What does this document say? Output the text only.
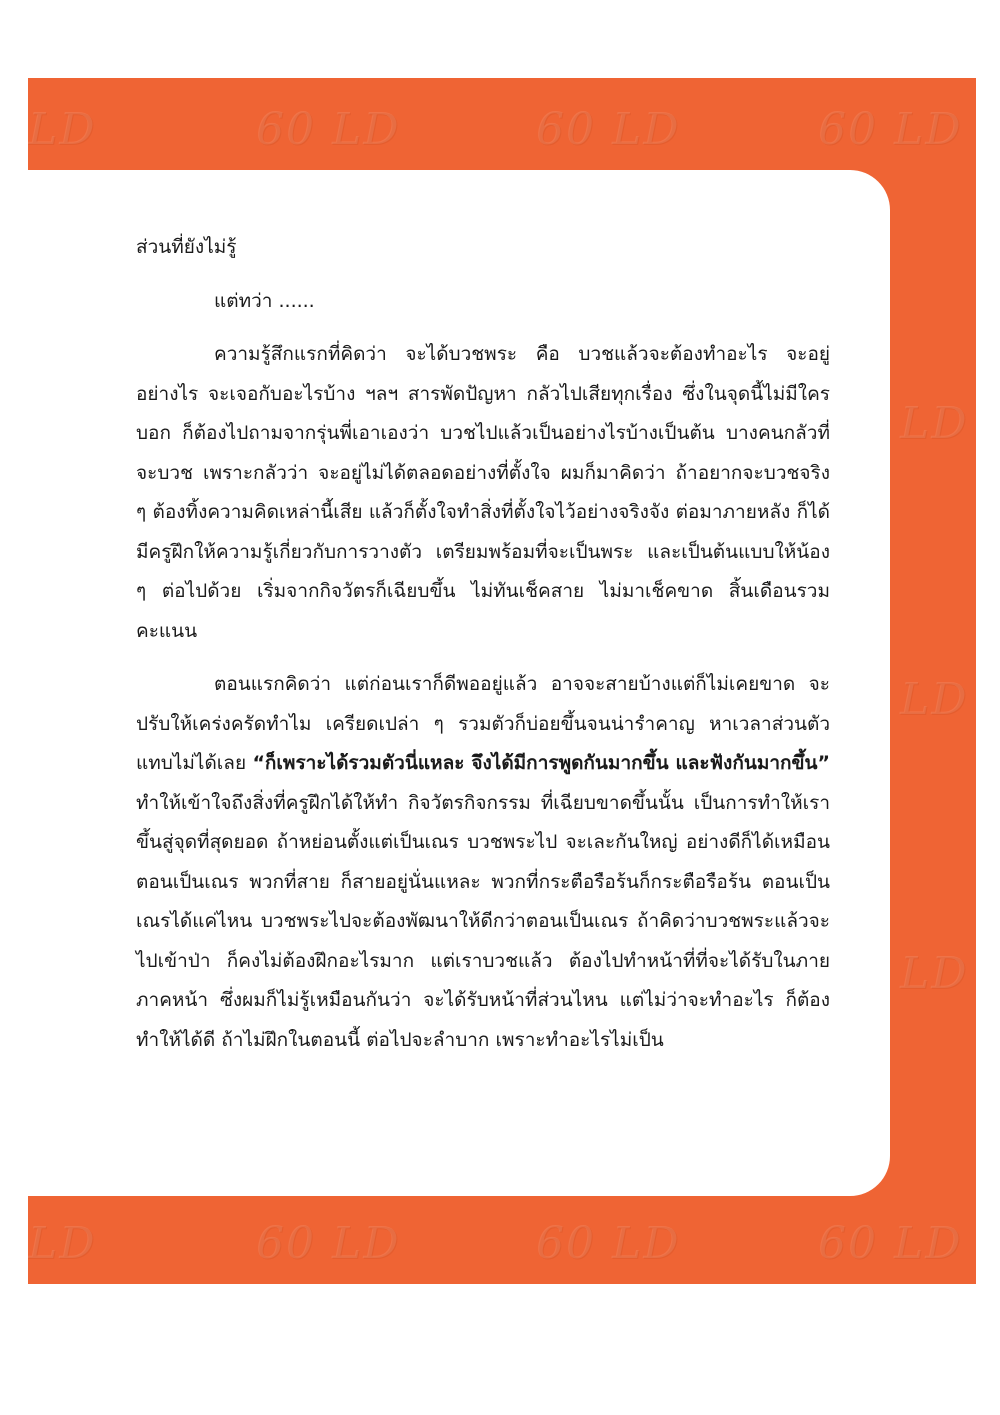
LD	60 LD	60 LD	60 LD
LD
LD
LD
LD	60 LD	60 LD	60 LD

ส่วนที่ยังไม่รู้

แต่ทว่า ......

ความรู้สึกแรกที่คิดว่า จะได้บวชพระ คือ บวชแล้วจะต้องทำอะไร จะอยู่อย่างไร จะเจอกับอะไรบ้าง ฯลฯ สารพัดปัญหา กลัวไปเสียทุกเรื่อง ซึ่งในจุดนี้ไม่มีใครบอก ก็ต้องไปถามจากรุ่นพี่เอาเองว่า บวชไปแล้วเป็นอย่างไรบ้างเป็นต้น บางคนกลัวที่จะบวช เพราะกลัวว่า จะอยู่ไม่ได้ตลอดอย่างที่ตั้งใจ ผมก็มาคิดว่า ถ้าอยากจะบวชจริง ๆ ต้องทิ้งความคิดเหล่านี้เสีย แล้วก็ตั้งใจทำสิ่งที่ตั้งใจไว้อย่างจริงจัง ต่อมาภายหลัง ก็ได้มีครูฝึกให้ความรู้เกี่ยวกับการวางตัว เตรียมพร้อมที่จะเป็นพระ และเป็นต้นแบบให้น้อง ๆ ต่อไปด้วย เริ่มจากกิจวัตรก็เฉียบขึ้น ไม่ทันเช็คสาย ไม่มาเช็คขาด สิ้นเดือนรวมคะแนน

ตอนแรกคิดว่า แต่ก่อนเราก็ดีพออยู่แล้ว อาจจะสายบ้างแต่ก็ไม่เคยขาด จะปรับให้เคร่งครัดทำไม เครียดเปล่า ๆ รวมตัวก็บ่อยขึ้นจนน่ารำคาญ หาเวลาส่วนตัวแทบไม่ได้เลย “ก็เพราะได้รวมตัวนี่แหละ จึงได้มีการพูดกันมากขึ้น และฟังกันมากขึ้น” ทำให้เข้าใจถึงสิ่งที่ครูฝึกได้ให้ทำ กิจวัตรกิจกรรม ที่เฉียบขาดขึ้นนั้น เป็นการทำให้เราขึ้นสู่จุดที่สุดยอด ถ้าหย่อนตั้งแต่เป็นเณร บวชพระไป จะเละกันใหญ่ อย่างดีก็ได้เหมือนตอนเป็นเณร พวกที่สาย ก็สายอยู่นั่นแหละ พวกที่กระตือรือร้นก็กระตือรือร้น ตอนเป็นเณรได้แค่ไหน บวชพระไปจะต้องพัฒนาให้ดีกว่าตอนเป็นเณร ถ้าคิดว่าบวชพระแล้วจะไปเข้าป่า ก็คงไม่ต้องฝึกอะไรมาก แต่เราบวชแล้ว ต้องไปทำหน้าที่ที่จะได้รับในภายภาคหน้า ซึ่งผมก็ไม่รู้เหมือนกันว่า จะได้รับหน้าที่ส่วนไหน แต่ไม่ว่าจะทำอะไร ก็ต้องทำให้ได้ดี ถ้าไม่ฝึกในตอนนี้ ต่อไปจะลำบาก เพราะทำอะไรไม่เป็น
